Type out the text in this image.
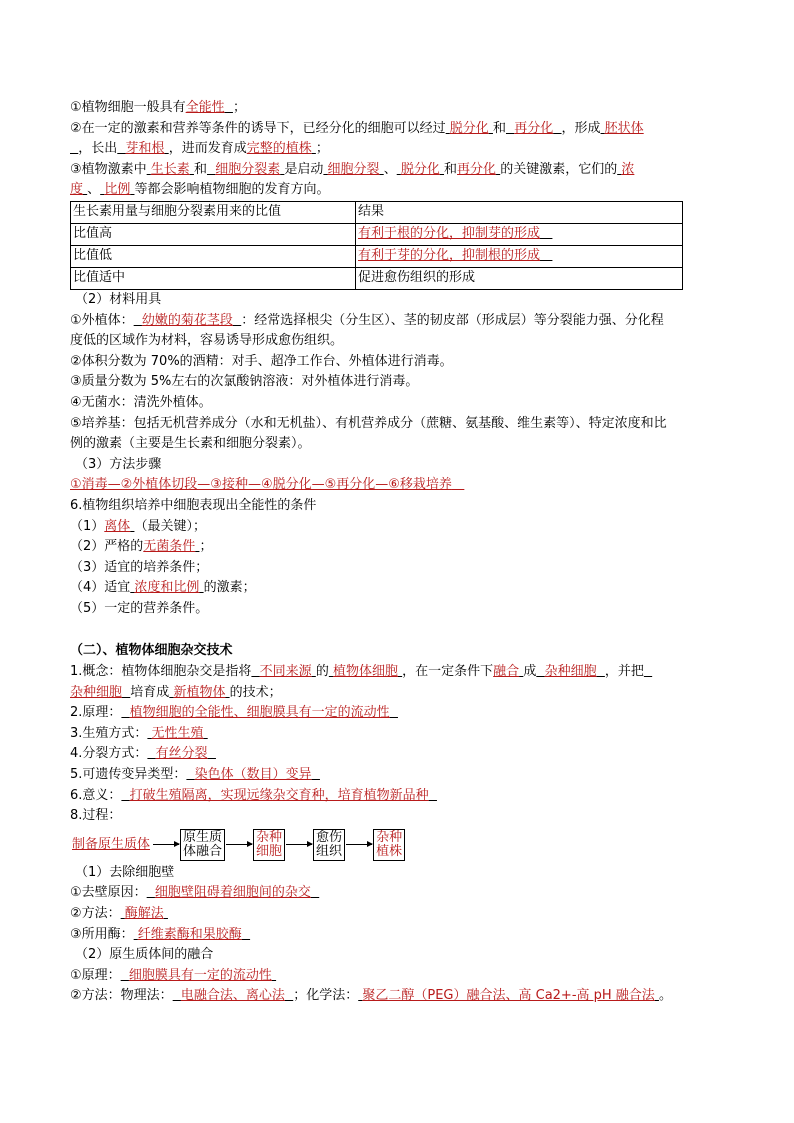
①植物细胞一般具有全能性 ；
②在一定的激素和营养等条件的诱导下，已经分化的细胞可以经过 脱分化 和 再分化 ，形成 胚状体
，长出 芽和根 ，进而发育成完整的植株 ；
③植物激素中 生长素 和 细胞分裂素 是启动 细胞分裂 、 脱分化 和再分化 的关键激素，它们的 浓
度 、 比例 等都会影响植物细胞的发育方向。
生长素用量与细胞分裂素用来的比值	结果
比值高	有利于根的分化，抑制芽的形成
比值低	有利于芽的分化，抑制根的形成
比值适中	促进愈伤组织的形成
（2）材料用具
①外植体： 幼嫩的菊花茎段 ：经常选择根尖（分生区）、茎的韧皮部（形成层）等分裂能力强、分化程
度低的区域作为材料，容易诱导形成愈伤组织。
②体积分数为 70%的酒精：对手、超净工作台、外植体进行消毒。
③质量分数为 5%左右的次氯酸钠溶液：对外植体进行消毒。
④无菌水：清洗外植体。
⑤培养基：包括无机营养成分（水和无机盐）、有机营养成分（蔗糖、氨基酸、维生素等）、特定浓度和比
例的激素（主要是生长素和细胞分裂素）。
（3）方法步骤
①消毒—②外植体切段—③接种—④脱分化—⑤再分化—⑥移栽培养
6.植物组织培养中细胞表现出全能性的条件
（1）离体 （最关键）；
（2）严格的无菌条件 ；
（3）适宜的培养条件；
（4）适宜 浓度和比例 的激素；
（5）一定的营养条件。
（二）、植物体细胞杂交技术
1.概念：植物体细胞杂交是指将 不同来源 的 植物体细胞 ，在一定条件下融合 成 杂种细胞 ，并把
杂种细胞 培育成 新植物体 的技术；
2.原理： 植物细胞的全能性、细胞膜具有一定的流动性
3.生殖方式： 无性生殖
4.分裂方式： 有丝分裂
5.可遗传变异类型： 染色体（数目）变异
6.意义： 打破生殖隔离，实现远缘杂交育种，培育植物新品种
8.过程：
制备原生质体	原生质
体融合
杂种
细胞
愈伤
组织
杂种
植株
（1）去除细胞壁
①去壁原因： 细胞壁阻碍着细胞间的杂交
②方法： 酶解法
③所用酶： 纤维素酶和果胶酶
（2）原生质体间的融合
①原理： 细胞膜具有一定的流动性
②方法：物理法： 电融合法、离心法 ；化学法： 聚乙二醇（PEG）融合法、高 Ca2+-高 pH 融合法 。
